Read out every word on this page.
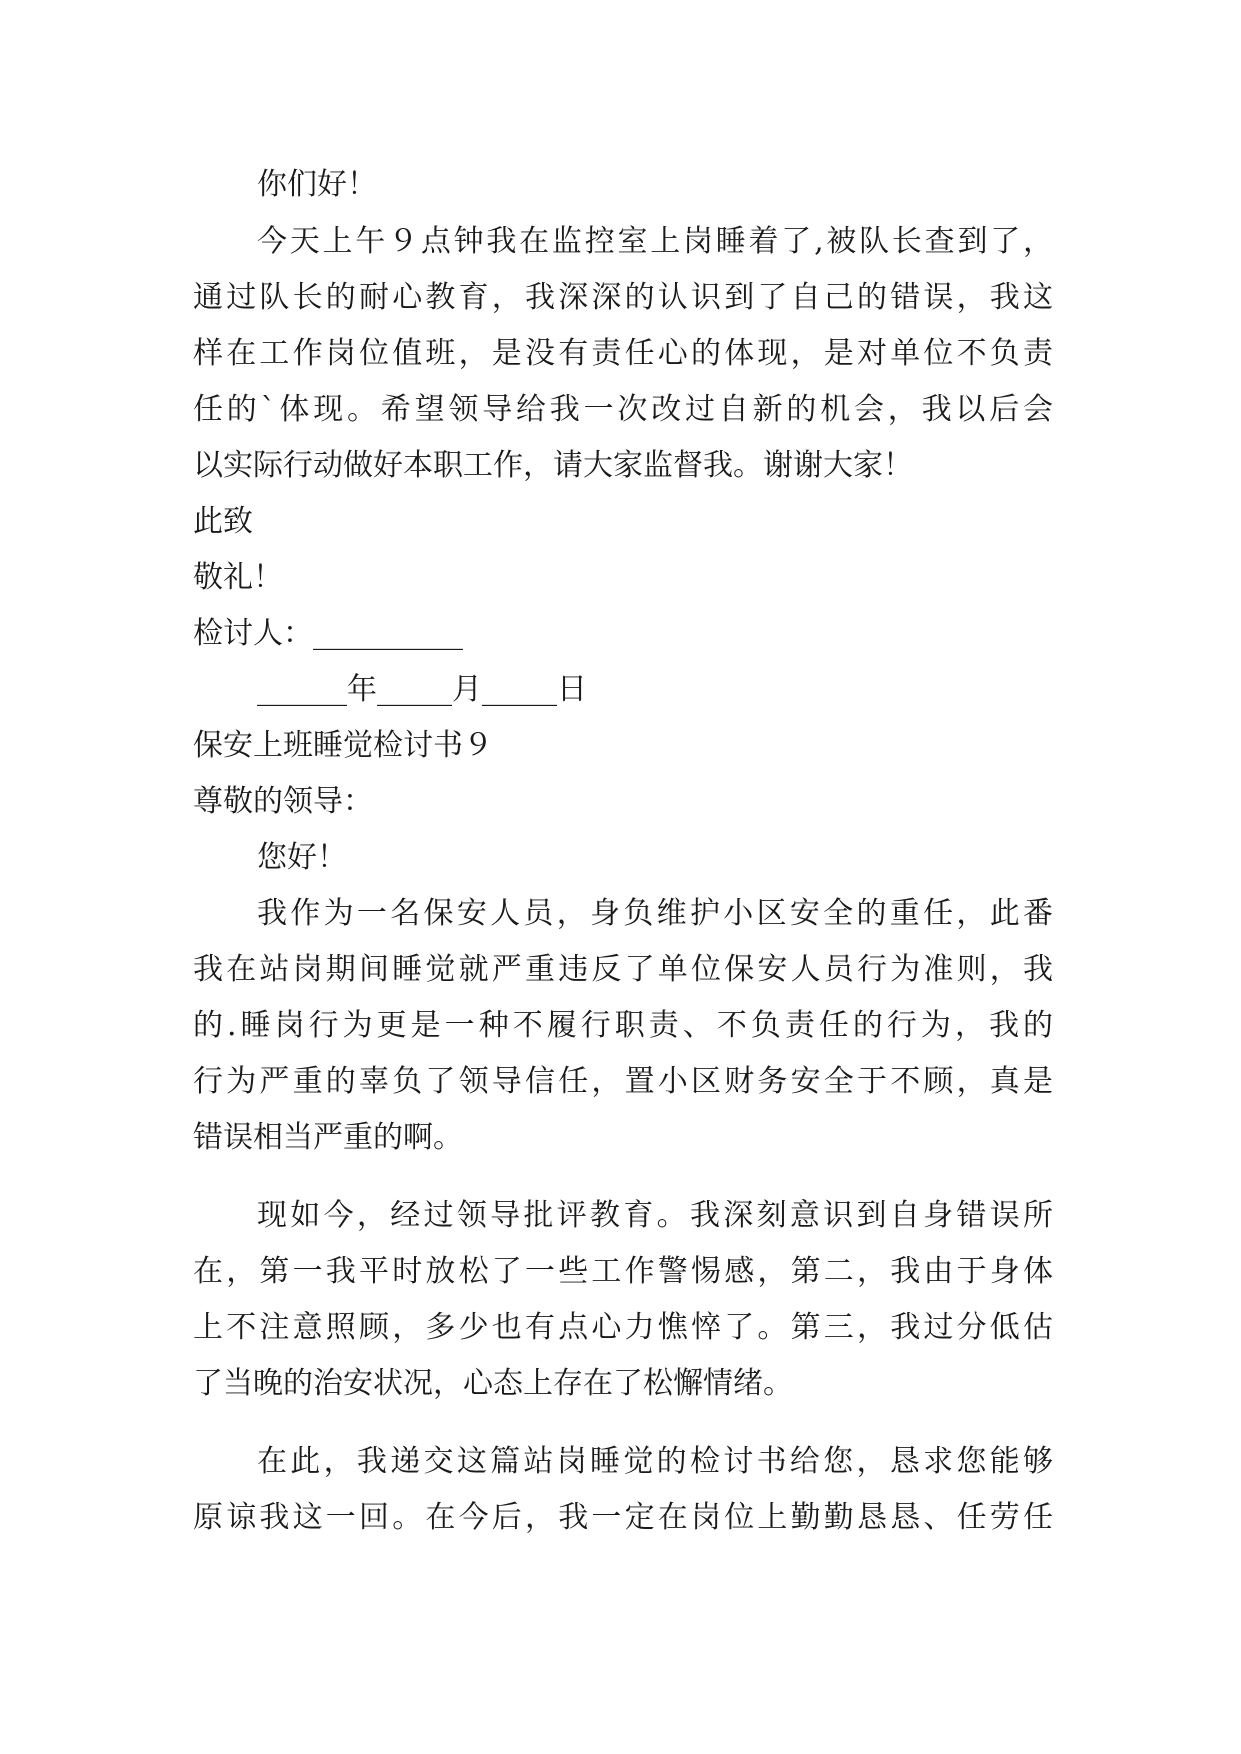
你们好！
今天上午９点钟我在监控室上岗睡着了,被队长查到了，
通过队长的耐心教育，我深深的认识到了自己的错误，我这
样在工作岗位值班，是没有责任心的体现，是对单位不负责
任的`体现。希望领导给我一次改过自新的机会，我以后会
以实际行动做好本职工作，请大家监督我。谢谢大家！
此致
敬礼！
检讨人：__________
______年_____月_____日
保安上班睡觉检讨书９
尊敬的领导：
您好！
我作为一名保安人员，身负维护小区安全的重任，此番
我在站岗期间睡觉就严重违反了单位保安人员行为准则，我
的.睡岗行为更是一种不履行职责、不负责任的行为，我的
行为严重的辜负了领导信任，置小区财务安全于不顾，真是
错误相当严重的啊。
现如今，经过领导批评教育。我深刻意识到自身错误所
在，第一我平时放松了一些工作警惕感，第二，我由于身体
上不注意照顾，多少也有点心力憔悴了。第三，我过分低估
了当晚的治安状况，心态上存在了松懈情绪。
在此，我递交这篇站岗睡觉的检讨书给您，恳求您能够
原谅我这一回。在今后，我一定在岗位上勤勤恳恳、任劳任
